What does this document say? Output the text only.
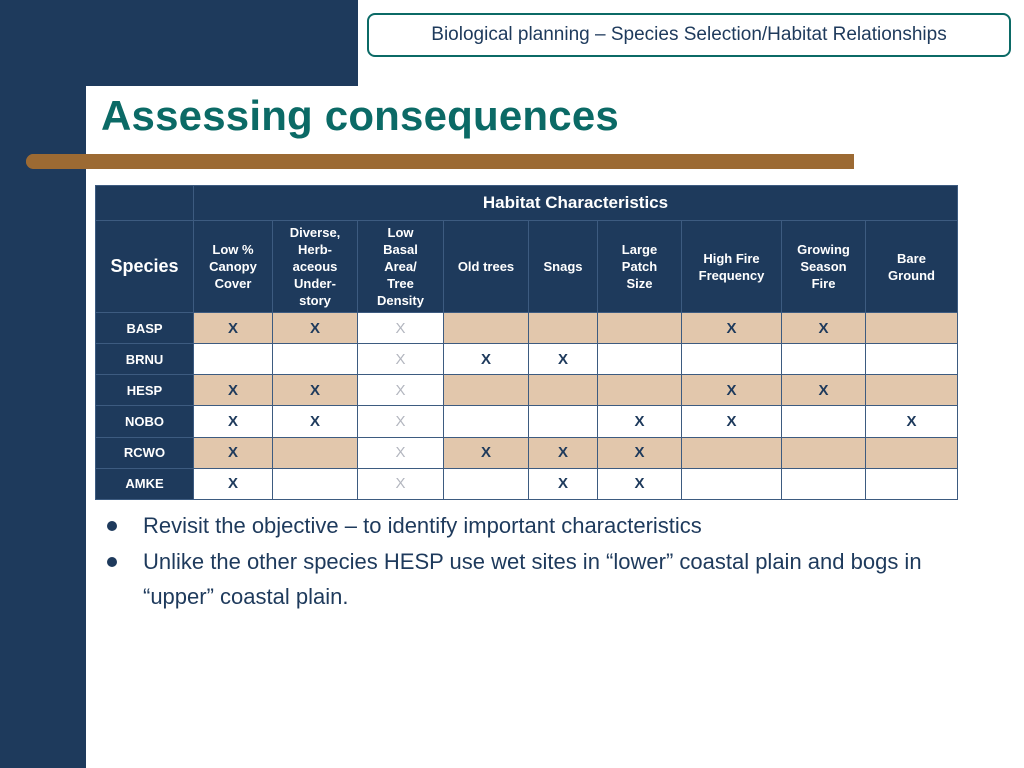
Biological planning – Species Selection/Habitat Relationships
Assessing consequences
	Habitat Characteristics								
Species	Low %
Canopy
Cover	Diverse,
Herb-
aceous
Under-
story	Low
Basal
Area/
Tree
Density	Old trees	Snags	Large
Patch
Size	High Fire
Frequency	Growing
Season
Fire	Bare
Ground
BASP	X	X	X				X	X	
BRNU			X	X	X				
HESP	X	X	X				X	X	
NOBO	X	X	X			X	X		X
RCWO	X		X	X	X	X			
AMKE	X		X		X	X			
Revisit the objective – to identify important characteristics
Unlike the other species HESP use wet sites in “lower” coastal plain and bogs in “upper” coastal plain.
